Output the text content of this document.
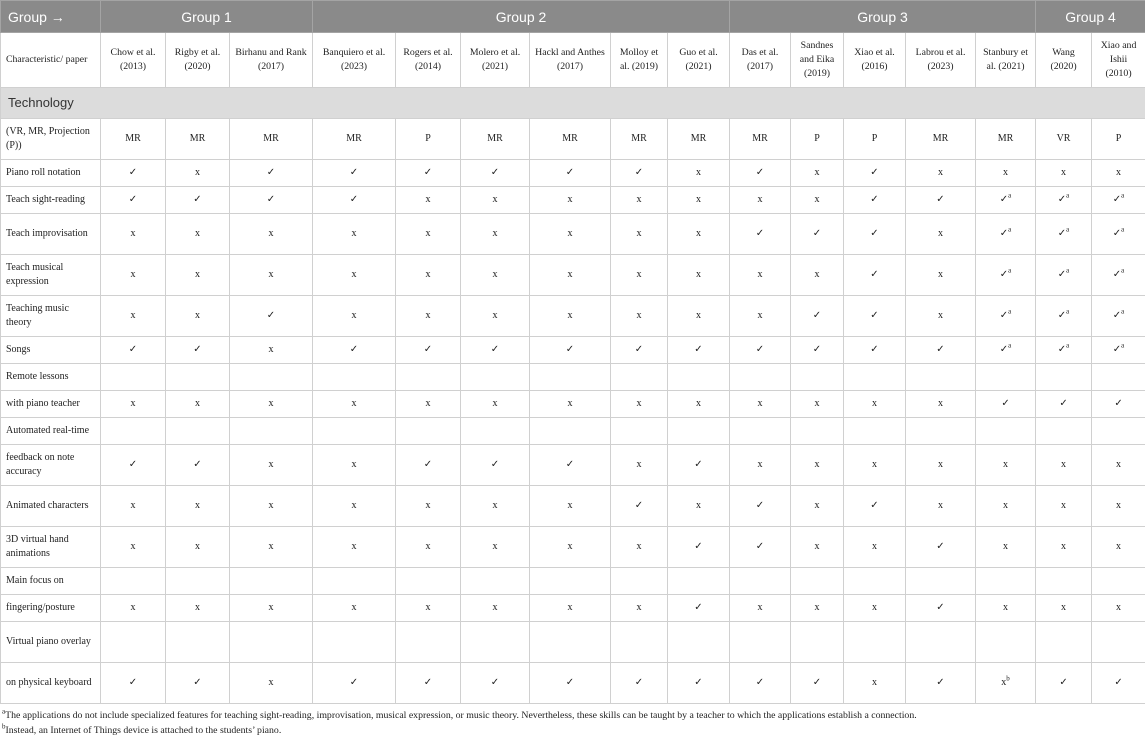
Group →	Group 1			Group 2						Group 3					Group 4	
Characteristic/ paper	Chow et al. (2013)	Rigby et al. (2020)	Birhanu and Rank (2017)	Banquiero et al. (2023)	Rogers et al. (2014)	Molero et al. (2021)	Hackl and Anthes (2017)	Molloy et al. (2019)	Guo et al. (2021)	Das et al. (2017)	Sandnes and Eika (2019)	Xiao et al. (2016)	Labrou et al. (2023)	Stanbury et al. (2021)	Wang (2020)	Xiao and Ishii (2010)
Technology																
(VR, MR, Projection (P))	MR	MR	MR	MR	P	MR	MR	MR	MR	MR	P	P	MR	MR	VR	P
Piano roll notation	✓	x	✓	✓	✓	✓	✓	✓	x	✓	x	✓	x	x	x	x
Teach sight-reading	✓	✓	✓	✓	x	x	x	x	x	x	x	✓	✓	✓$^a$	✓$^a$	✓$^a$
Teach improvisation	x	x	x	x	x	x	x	x	x	✓	✓	✓	x	✓$^a$	✓$^a$	✓$^a$
Teach musical expression	x	x	x	x	x	x	x	x	x	x	x	✓	x	✓$^a$	✓$^a$	✓$^a$
Teaching music theory	x	x	✓	x	x	x	x	x	x	x	✓	✓	x	✓$^a$	✓$^a$	✓$^a$
Songs	✓	✓	x	✓	✓	✓	✓	✓	✓	✓	✓	✓	✓	✓$^a$	✓$^a$	✓$^a$
Remote lessons																
with piano teacher	x	x	x	x	x	x	x	x	x	x	x	x	x	✓	✓	✓
Automated real-time																
feedback on note accuracy	✓	✓	x	x	✓	✓	✓	x	✓	x	x	x	x	x	x	x
Animated characters	x	x	x	x	x	x	x	✓	x	✓	x	✓	x	x	x	x
3D virtual hand animations	x	x	x	x	x	x	x	x	✓	✓	x	x	✓	x	x	x
Main focus on																
fingering/posture	x	x	x	x	x	x	x	x	✓	x	x	x	✓	x	x	x
Virtual piano overlay																
on physical keyboard	✓	✓	x	✓	✓	✓	✓	✓	✓	✓	✓	x	✓	$x^b$	✓	✓
$^a$The applications do not include specialized features for teaching sight-reading, improvisation, musical expression, or music theory. Nevertheless, these skills can be taught by a teacher to which the applications establish a connection.
$^b$Instead, an Internet of Things device is attached to the students’ piano.
